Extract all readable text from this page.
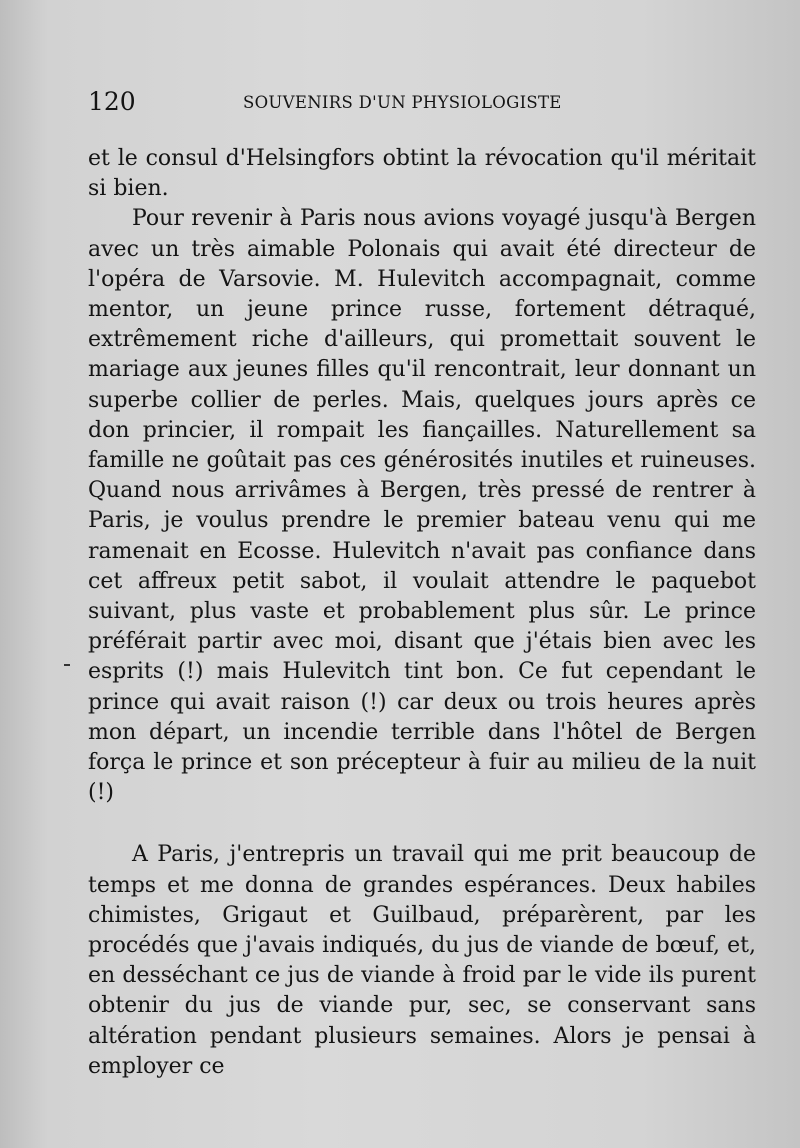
120	SOUVENIRS D'UN PHYSIOLOGISTE

et le consul d'Helsingfors obtint la révocation qu'il méritait si bien.

Pour revenir à Paris nous avions voyagé jusqu'à Bergen avec un très aimable Polonais qui avait été directeur de l'opéra de Varsovie. M. Hulevitch accompagnait, comme mentor, un jeune prince russe, fortement détraqué, extrêmement riche d'ailleurs, qui promettait souvent le mariage aux jeunes filles qu'il rencontrait, leur donnant un superbe collier de perles. Mais, quelques jours après ce don princier, il rompait les fiançailles. Naturellement sa famille ne goûtait pas ces générosités inutiles et ruineuses. Quand nous arrivâmes à Bergen, très pressé de rentrer à Paris, je voulus prendre le premier bateau venu qui me ramenait en Ecosse. Hulevitch n'avait pas confiance dans cet affreux petit sabot, il voulait attendre le paquebot suivant, plus vaste et probablement plus sûr. Le prince préférait partir avec moi, disant que j'étais bien avec les esprits (!) mais Hulevitch tint bon. Ce fut cependant le prince qui avait raison (!) car deux ou trois heures après mon départ, un incendie terrible dans l'hôtel de Bergen força le prince et son précepteur à fuir au milieu de la nuit (!)

A Paris, j'entrepris un travail qui me prit beaucoup de temps et me donna de grandes espérances. Deux habiles chimistes, Grigaut et Guilbaud, préparèrent, par les procédés que j'avais indiqués, du jus de viande de bœuf, et, en desséchant ce jus de viande à froid par le vide ils purent obtenir du jus de viande pur, sec, se conservant sans altération pendant plusieurs semaines. Alors je pensai à employer ce
